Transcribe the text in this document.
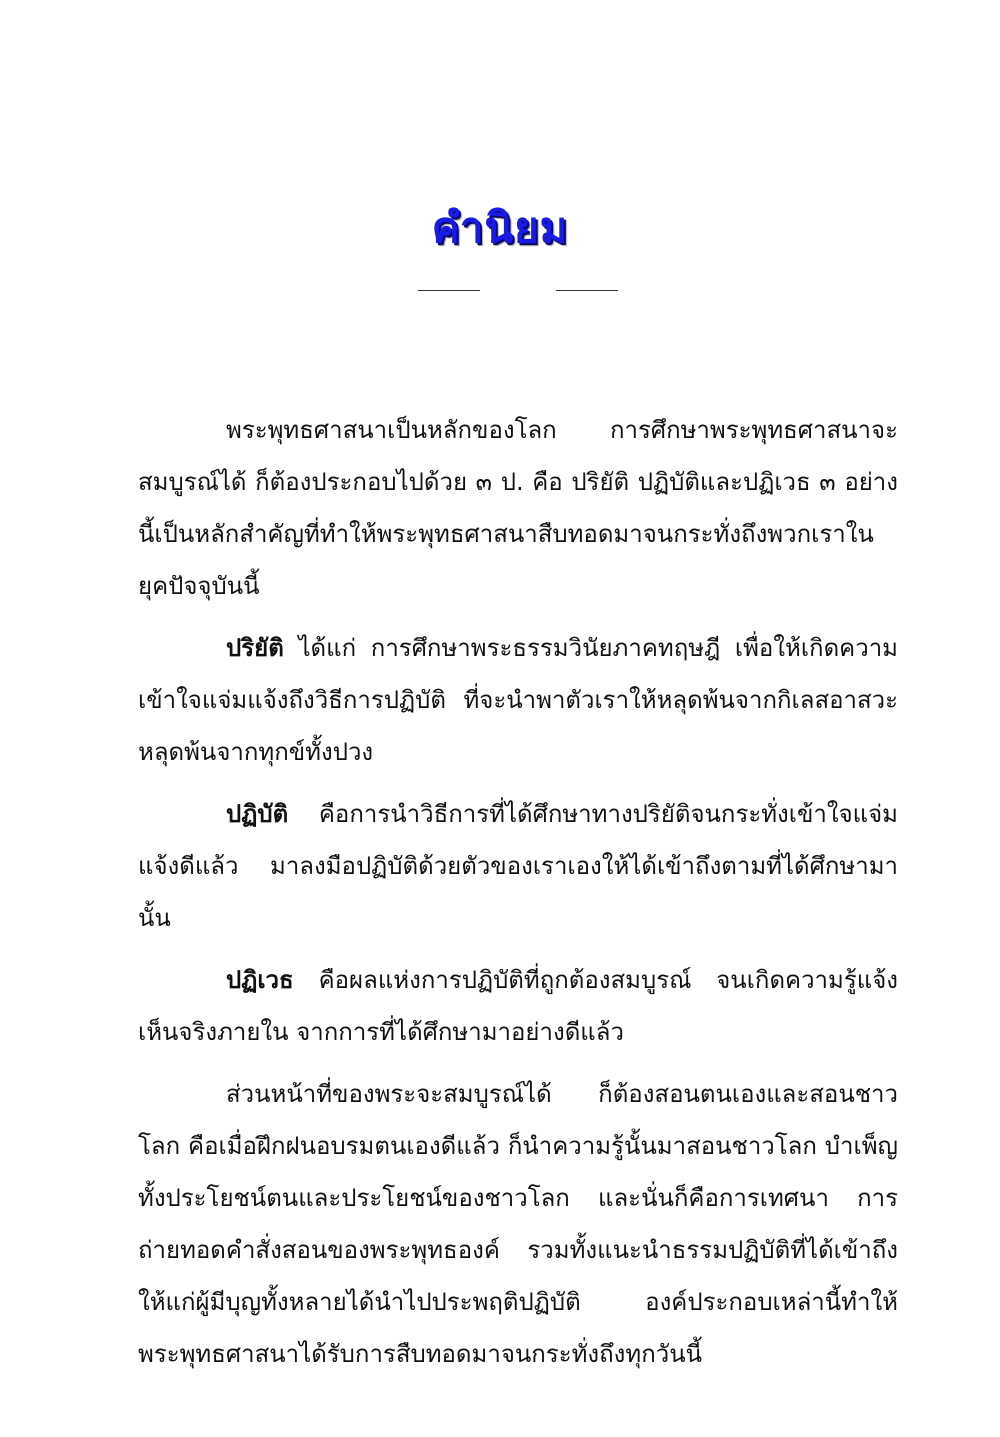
คำนิยม

พระพุทธศาสนาเป็นหลักของโลก การศึกษาพระพุทธศาสนาจะสมบูรณ์ได้ ก็ต้องประกอบไปด้วย ๓ ป. คือ ปริยัติ ปฏิบัติและปฏิเวธ ๓ อย่างนี้เป็นหลักสำคัญที่ทำให้พระพุทธศาสนาสืบทอดมาจนกระทั่งถึงพวกเราในยุคปัจจุบันนี้

ปริยัติ ได้แก่ การศึกษาพระธรรมวินัยภาคทฤษฎี เพื่อให้เกิดความเข้าใจแจ่มแจ้งถึงวิธีการปฏิบัติ ที่จะนำพาตัวเราให้หลุดพ้นจากกิเลสอาสวะ หลุดพ้นจากทุกข์ทั้งปวง

ปฏิบัติ คือการนำวิธีการที่ได้ศึกษาทางปริยัติจนกระทั่งเข้าใจแจ่มแจ้งดีแล้ว มาลงมือปฏิบัติด้วยตัวของเราเองให้ได้เข้าถึงตามที่ได้ศึกษามานั้น

ปฏิเวธ คือผลแห่งการปฏิบัติที่ถูกต้องสมบูรณ์ จนเกิดความรู้แจ้งเห็นจริงภายใน จากการที่ได้ศึกษามาอย่างดีแล้ว

ส่วนหน้าที่ของพระจะสมบูรณ์ได้ ก็ต้องสอนตนเองและสอนชาวโลก คือเมื่อฝึกฝนอบรมตนเองดีแล้ว ก็นำความรู้นั้นมาสอนชาวโลก บำเพ็ญทั้งประโยชน์ตนและประโยชน์ของชาวโลก และนั่นก็คือการเทศนา การถ่ายทอดคำสั่งสอนของพระพุทธองค์ รวมทั้งแนะนำธรรมปฏิบัติที่ได้เข้าถึงให้แก่ผู้มีบุญทั้งหลายได้นำไปประพฤติปฏิบัติ องค์ประกอบเหล่านี้ทำให้พระพุทธศาสนาได้รับการสืบทอดมาจนกระทั่งถึงทุกวันนี้
